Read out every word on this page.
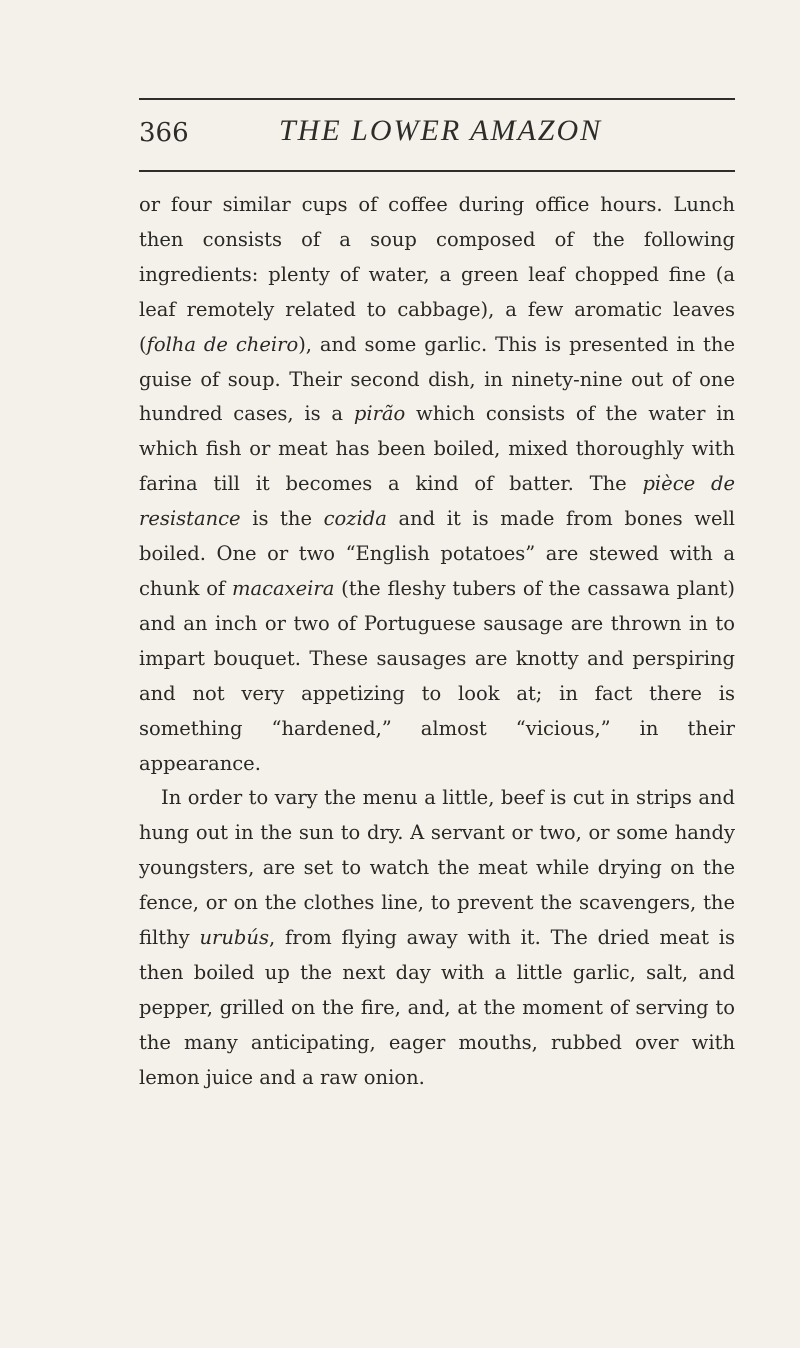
366	THE LOWER AMAZON

or four similar cups of coffee during office hours. Lunch then consists of a soup composed of the following ingredients: plenty of water, a green leaf chopped fine (a leaf remotely related to cabbage), a few aromatic leaves (folha de cheiro), and some garlic. This is presented in the guise of soup. Their second dish, in ninety-nine out of one hundred cases, is a pirão which consists of the water in which fish or meat has been boiled, mixed thoroughly with farina till it becomes a kind of batter. The pièce de resistance is the cozida and it is made from bones well boiled. One or two “English potatoes” are stewed with a chunk of macaxeira (the fleshy tubers of the cassawa plant) and an inch or two of Portuguese sausage are thrown in to impart bouquet. These sausages are knotty and perspiring and not very appetizing to look at; in fact there is something “hardened,” almost “vicious,” in their appearance.

In order to vary the menu a little, beef is cut in strips and hung out in the sun to dry. A servant or two, or some handy youngsters, are set to watch the meat while drying on the fence, or on the clothes line, to prevent the scavengers, the filthy urubús, from flying away with it. The dried meat is then boiled up the next day with a little garlic, salt, and pepper, grilled on the fire, and, at the moment of serving to the many anticipating, eager mouths, rubbed over with lemon juice and a raw onion.
